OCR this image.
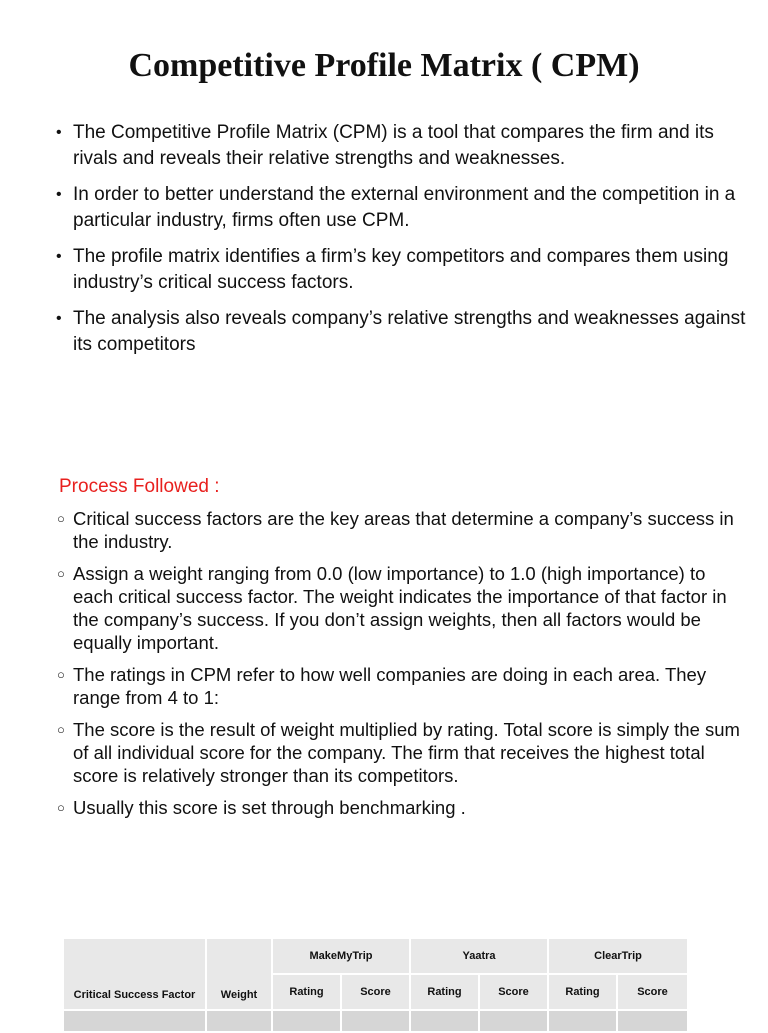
Competitive Profile Matrix ( CPM)
• The Competitive Profile Matrix (CPM) is a tool that compares the firm and its rivals and reveals their relative strengths and weaknesses.
• In order to better understand the external environment and the competition in a particular industry, firms often use CPM.
• The profile matrix identifies a firm’s key competitors and compares them using industry’s critical success factors.
• The analysis also reveals company’s relative strengths and weaknesses against its competitors

Process Followed :

○ Critical success factors are the key areas that determine a company’s success in the industry.
○ Assign a weight ranging from 0.0 (low importance) to 1.0 (high importance) to each critical success factor. The weight indicates the importance of that factor in the company’s success. If you don’t assign weights, then all factors would be equally important.
○ The ratings in CPM refer to how well companies are doing in each area. They range from 4 to 1:
○ The score is the result of weight multiplied by rating. Total score is simply the sum of all individual score for the company. The firm that receives the highest total score is relatively stronger than its competitors.
○ Usually this score is set through benchmarking .
Critical Success Factor	Weight	MakeMyTrip		Yaatra		ClearTrip	
		Rating	Score	Rating	Score	Rating	Score
